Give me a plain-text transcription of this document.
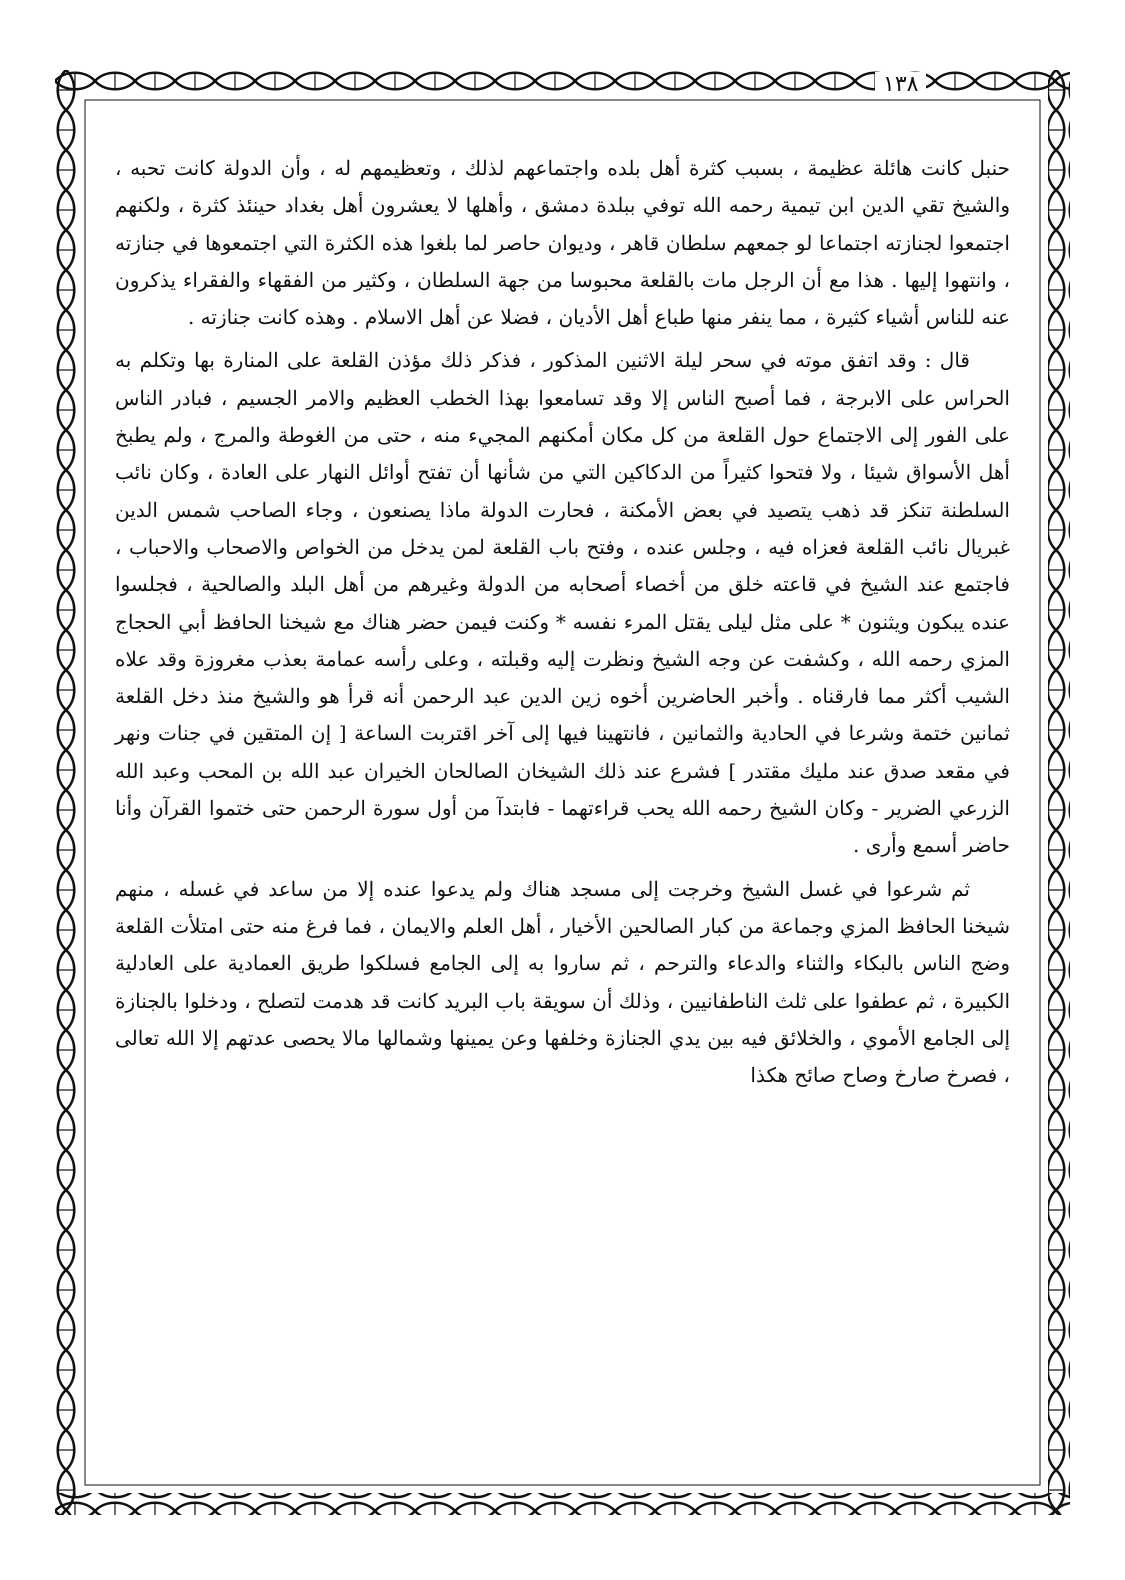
١٣٨

حنبل كانت هائلة عظيمة ، بسبب كثرة أهل بلده واجتماعهم لذلك ، وتعظيمهم له ، وأن الدولة كانت تحبه ، والشيخ تقي الدين ابن تيمية رحمه الله توفي ببلدة دمشق ، وأهلها لا يعشرون أهل بغداد حينئذ كثرة ، ولكنهم اجتمعوا لجنازته اجتماعا لو جمعهم سلطان قاهر ، وديوان حاصر لما بلغوا هذه الكثرة التي اجتمعوها في جنازته ، وانتهوا إليها . هذا مع أن الرجل مات بالقلعة محبوسا من جهة السلطان ، وكثير من الفقهاء والفقراء يذكرون عنه للناس أشياء كثيرة ، مما ينفر منها طباع أهل الأديان ، فضلا عن أهل الاسلام . وهذه كانت جنازته .

قال : وقد اتفق موته في سحر ليلة الاثنين المذكور ، فذكر ذلك مؤذن القلعة على المنارة بها وتكلم به الحراس على الابرجة ، فما أصبح الناس إلا وقد تسامعوا بهذا الخطب العظيم والامر الجسيم ، فبادر الناس على الفور إلى الاجتماع حول القلعة من كل مكان أمكنهم المجيء منه ، حتى من الغوطة والمرج ، ولم يطبخ أهل الأسواق شيئا ، ولا فتحوا كثيراً من الدكاكين التي من شأنها أن تفتح أوائل النهار على العادة ، وكان نائب السلطنة تنكز قد ذهب يتصيد في بعض الأمكنة ، فحارت الدولة ماذا يصنعون ، وجاء الصاحب شمس الدين غبريال نائب القلعة فعزاه فيه ، وجلس عنده ، وفتح باب القلعة لمن يدخل من الخواص والاصحاب والاحباب ، فاجتمع عند الشيخ في قاعته خلق من أخصاء أصحابه من الدولة وغيرهم من أهل البلد والصالحية ، فجلسوا عنده يبكون ويثنون * على مثل ليلى يقتل المرء نفسه * وكنت فيمن حضر هناك مع شيخنا الحافظ أبي الحجاج المزي رحمه الله ، وكشفت عن وجه الشيخ ونظرت إليه وقبلته ، وعلى رأسه عمامة بعذب مغروزة وقد علاه الشيب أكثر مما فارقناه . وأخبر الحاضرين أخوه زين الدين عبد الرحمن أنه قرأ هو والشيخ منذ دخل القلعة ثمانين ختمة وشرعا في الحادية والثمانين ، فانتهينا فيها إلى آخر اقتربت الساعة [ إن المتقين في جنات ونهر في مقعد صدق عند مليك مقتدر ] فشرع عند ذلك الشيخان الصالحان الخيران عبد الله بن المحب وعبد الله الزرعي الضرير - وكان الشيخ رحمه الله يحب قراءتهما - فابتدآ من أول سورة الرحمن حتى ختموا القرآن وأنا حاضر أسمع وأرى .

ثم شرعوا في غسل الشيخ وخرجت إلى مسجد هناك ولم يدعوا عنده إلا من ساعد في غسله ، منهم شيخنا الحافظ المزي وجماعة من كبار الصالحين الأخيار ، أهل العلم والايمان ، فما فرغ منه حتى امتلأت القلعة وضج الناس بالبكاء والثناء والدعاء والترحم ، ثم ساروا به إلى الجامع فسلكوا طريق العمادية على العادلية الكبيرة ، ثم عطفوا على ثلث الناطفانيين ، وذلك أن سويقة باب البريد كانت قد هدمت لتصلح ، ودخلوا بالجنازة إلى الجامع الأموي ، والخلائق فيه بين يدي الجنازة وخلفها وعن يمينها وشمالها مالا يحصى عدتهم إلا الله تعالى ، فصرخ صارخ وصاح صائح هكذا
